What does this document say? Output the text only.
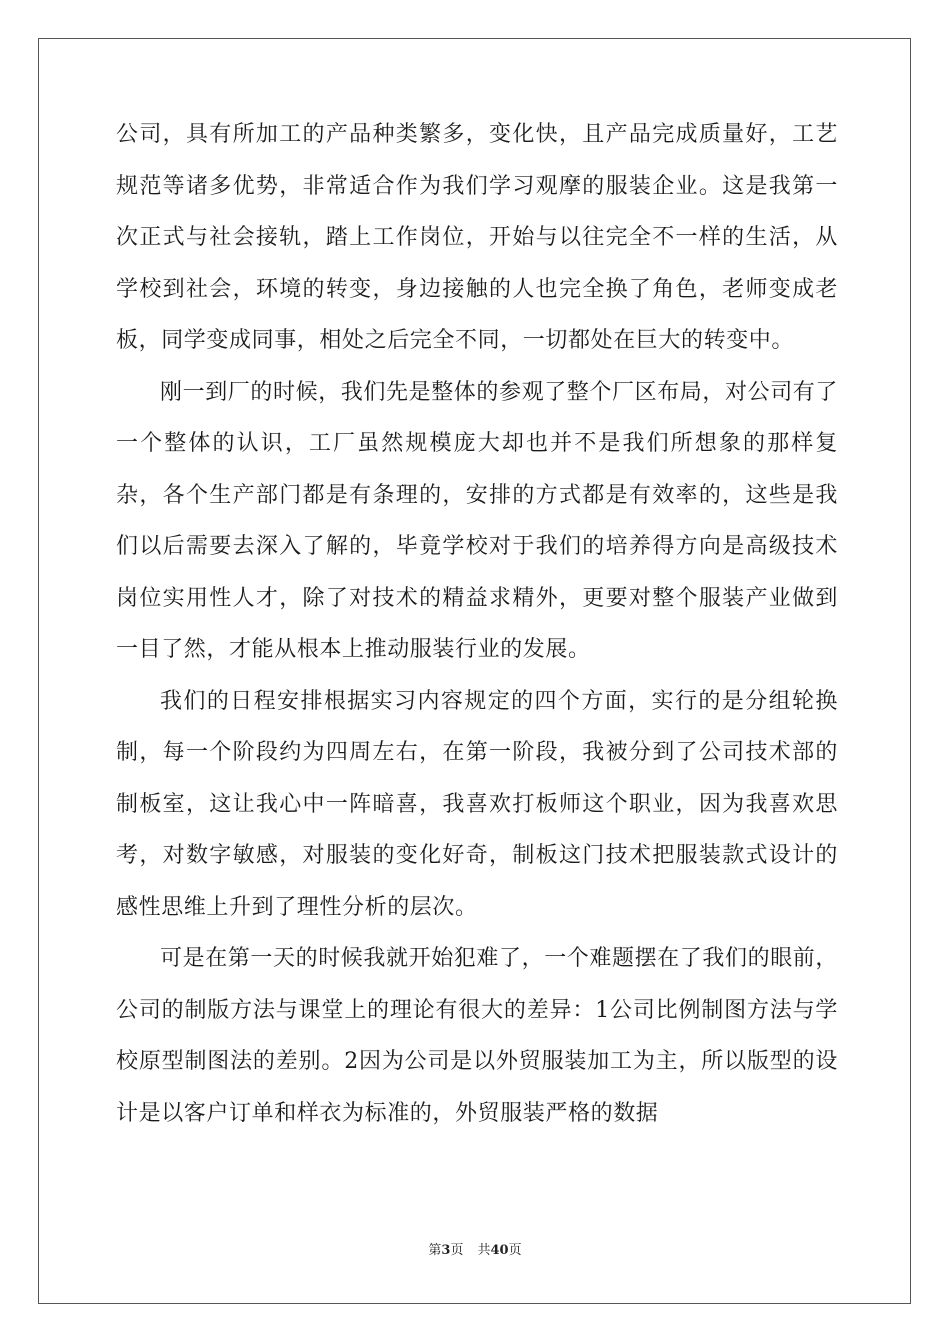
公司，具有所加工的产品种类繁多，变化快，且产品完成质量好，工艺规范等诸多优势，非常适合作为我们学习观摩的服装企业。这是我第一次正式与社会接轨，踏上工作岗位，开始与以往完全不一样的生活，从学校到社会，环境的转变，身边接触的人也完全换了角色，老师变成老板，同学变成同事，相处之后完全不同，一切都处在巨大的转变中。

刚一到厂的时候，我们先是整体的参观了整个厂区布局，对公司有了一个整体的认识，工厂虽然规模庞大却也并不是我们所想象的那样复杂，各个生产部门都是有条理的，安排的方式都是有效率的，这些是我们以后需要去深入了解的，毕竟学校对于我们的培养得方向是高级技术岗位实用性人才，除了对技术的精益求精外，更要对整个服装产业做到一目了然，才能从根本上推动服装行业的发展。

我们的日程安排根据实习内容规定的四个方面，实行的是分组轮换制，每一个阶段约为四周左右，在第一阶段，我被分到了公司技术部的制板室，这让我心中一阵暗喜，我喜欢打板师这个职业，因为我喜欢思考，对数字敏感，对服装的变化好奇，制板这门技术把服装款式设计的感性思维上升到了理性分析的层次。

可是在第一天的时候我就开始犯难了，一个难题摆在了我们的眼前，公司的制版方法与课堂上的理论有很大的差异：1公司比例制图方法与学校原型制图法的差别。2因为公司是以外贸服装加工为主，所以版型的设计是以客户订单和样衣为标准的，外贸服装严格的数据

第3页 共40页
